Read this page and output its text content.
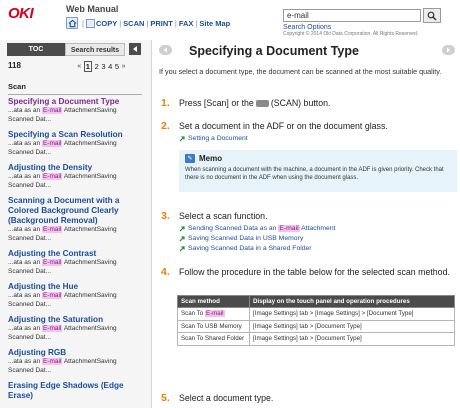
OKI	Web Manual
| COPY | SCAN | PRINT | FAX | Site Map
e-mail
Search Options
Copyright © 2014 Oki Data Corporation. All Rights Reserved.
TOC	Search results
118	« 1 2 3 4 5 »
Scan
Specifying a Document Type
...ata as an E-mail AttachmentSaving
Scanned Dat...
Specifying a Scan Resolution
...ata as an E-mail AttachmentSaving
Scanned Dat...
Adjusting the Density
...ata as an E-mail AttachmentSaving
Scanned Dat...
Scanning a Document with a Colored Background Clearly (Background Removal)
...ata as an E-mail AttachmentSaving
Scanned Dat...
Adjusting the Contrast
...ata as an E-mail AttachmentSaving
Scanned Dat...
Adjusting the Hue
...ata as an E-mail AttachmentSaving
Scanned Dat...
Adjusting the Saturation
...ata as an E-mail AttachmentSaving
Scanned Dat...
Adjusting RGB
...ata as an E-mail AttachmentSaving
Scanned Dat...
Erasing Edge Shadows (Edge Erase)
Specifying a Document Type
If you select a document type, the document can be scanned at the most suitable quality.
1. Press [Scan] or the (SCAN) button.
2. Set a document in the ADF or on the document glass.
Setting a Document
✎ Memo
When scanning a document with the machine, a document in the ADF is given priority. Check that there is no document in the ADF when using the document glass.
3. Select a scan function.
Sending Scanned Data as an E-mail Attachment
Saving Scanned Data in USB Memory
Saving Scanned Data in a Shared Folder
4. Follow the procedure in the table below for the selected scan method.
Scan method	Display on the touch panel and operation procedures
Scan To E-mail	[Image Settings] tab > [Image Settings] > [Document Type]
Scan To USB Memory	[Image Settings] tab > [Document Type]
Scan To Shared Folder	[Image Settings] tab > [Document Type]
5. Select a document type.
